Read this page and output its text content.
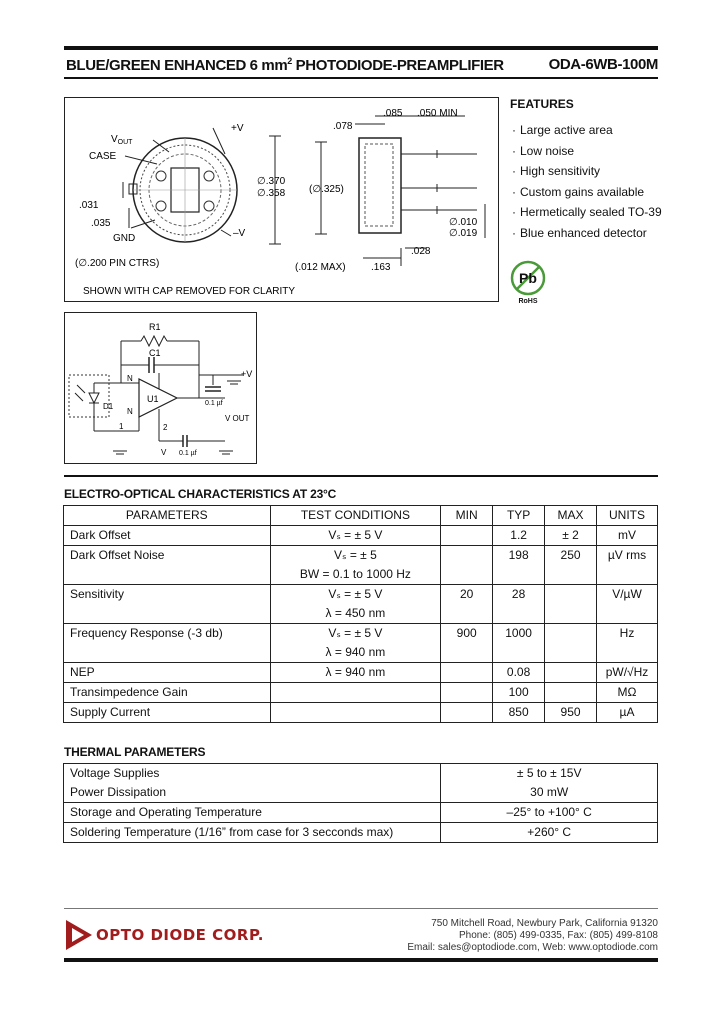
BLUE/GREEN ENHANCED 6 $mm^2$ PHOTODIODE-PREAMPLIFIER	ODA-6WB-100M
$V_{OUT}$
CASE
+V
–V
.031
.035
GND
(∅.200 PIN CTRS)
∅.370
∅.358 (∅.325)
.078
.085 .050 MIN
∅.010
∅.019
.028
(.012 MAX)	.163
SHOWN WITH CAP REMOVED FOR CLARITY
FEATURES
· Large active area
· Low noise
· High sensitivity
· Custom gains available
· Hermetically sealed TO-39
· Blue enhanced detector
Pb
RoHS
R1
C1
U1
D1
N
N
1	2
+V
0.1 µf
V OUT
V 0.1 µf
ELECTRO-OPTICAL CHARACTERISTICS AT 23°C
PARAMETERS	TEST CONDITIONS	MIN	TYP	MAX	UNITS
Dark Offset	Vₛ = ± 5 V		1.2	± 2	mV
Dark Offset Noise	Vₛ = ± 5
BW = 0.1 to 1000 Hz		198	250	µV rms
Sensitivity	Vₛ = ± 5 V
λ = 450 nm	20	28		V/µW
Frequency Response (-3 db)	Vₛ = ± 5 V
λ = 940 nm	900	1000		Hz
NEP	λ = 940 nm		0.08		pW/√Hz
Transimpedence Gain			100		MΩ
Supply Current			850	950	µA
THERMAL PARAMETERS
Voltage Supplies	± 5 to ± 15V
Power Dissipation	30 mW
Storage and Operating Temperature	–25° to +100° C
Soldering Temperature (1/16” from case for 3 secconds max)	+260° C
OPTO DIODE CORP.
750 Mitchell Road, Newbury Park, California 91320
Phone: (805) 499-0335, Fax: (805) 499-8108
Email: sales@optodiode.com, Web: www.optodiode.com
